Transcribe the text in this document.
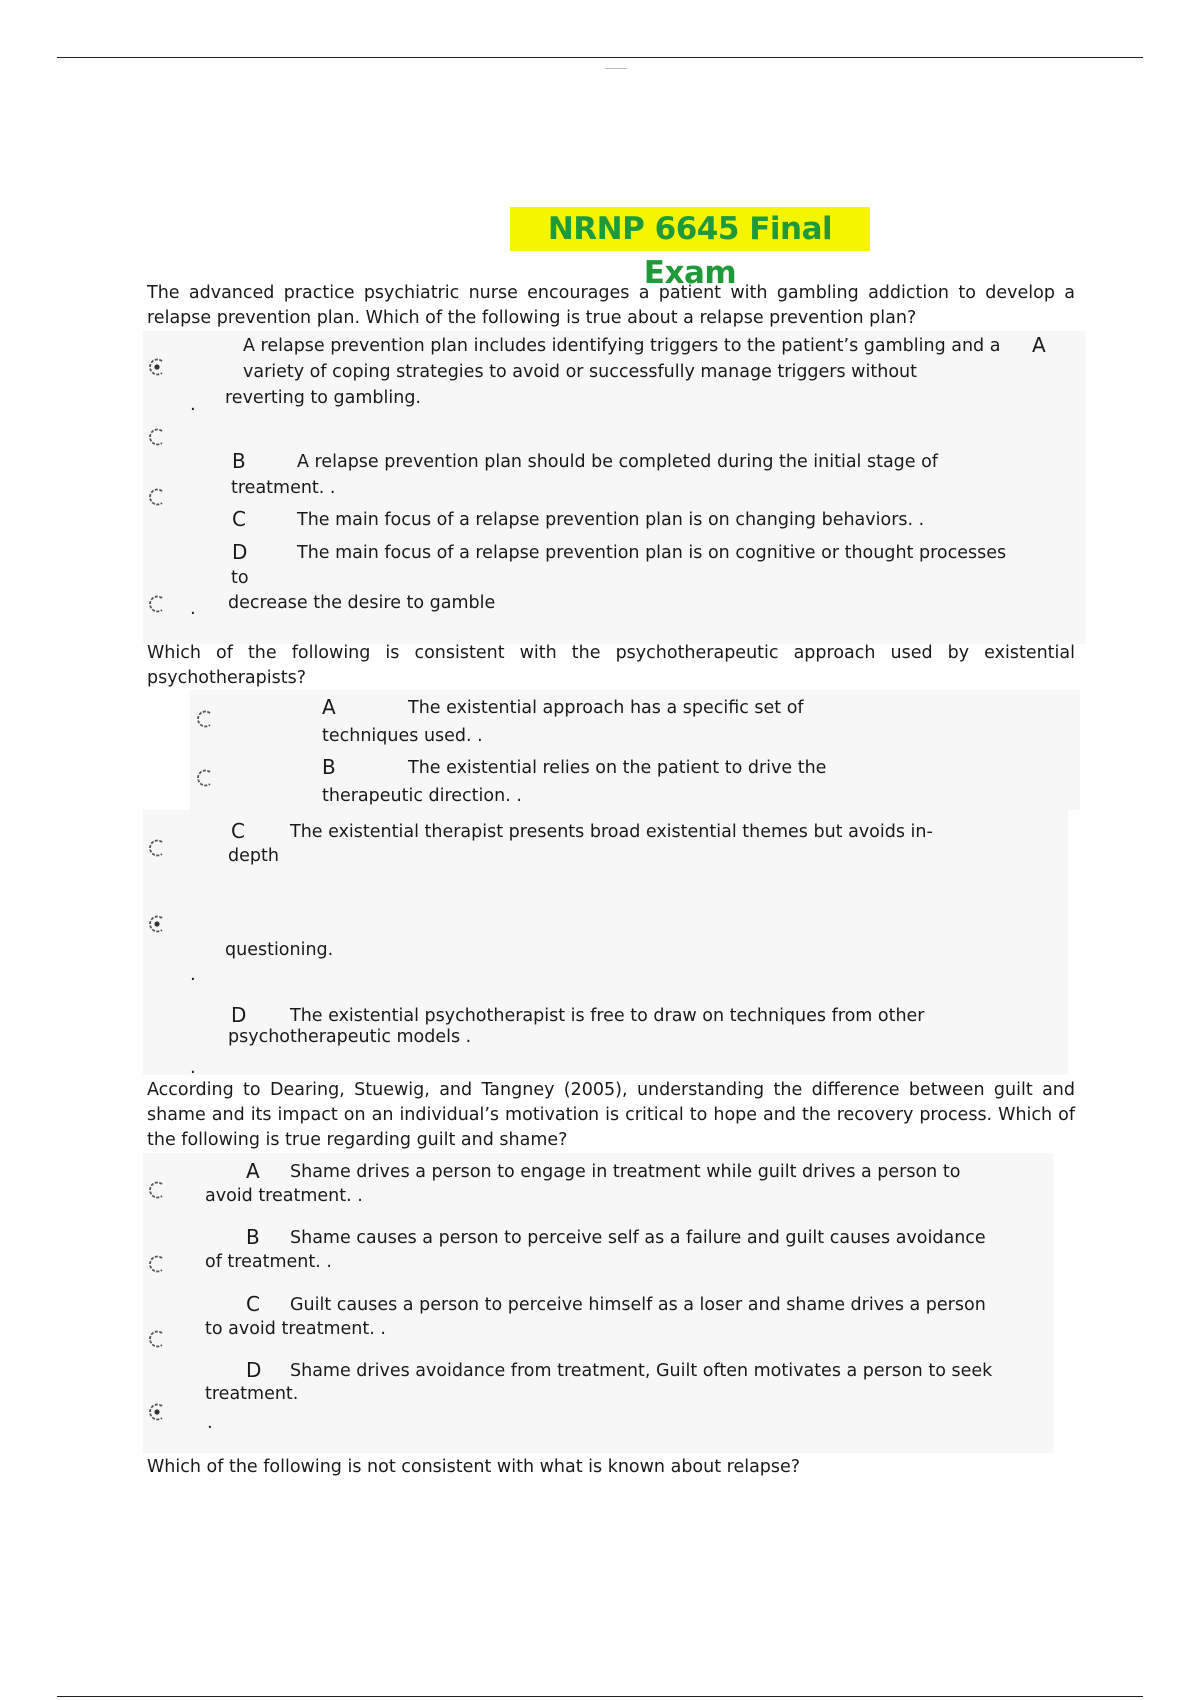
NRNP 6645 Final Exam
The advanced practice psychiatric nurse encourages a patient with gambling addiction to develop a relapse prevention plan. Which of the following is true about a relapse prevention plan?
.
.
A relapse prevention plan includes identifying triggers to the patient’s gambling and a A
variety of coping strategies to avoid or successfully manage triggers without
reverting to gambling.
B	A relapse prevention plan should be completed during the initial stage of
treatment. .
C	The main focus of a relapse prevention plan is on changing behaviors. .
D	The main focus of a relapse prevention plan is on cognitive or thought processes
to
decrease the desire to gamble
Which of the following is consistent with the psychotherapeutic approach used by existential psychotherapists?
.
.
A	The existential approach has a specific set of
techniques used. .
B	The existential relies on the patient to drive the
therapeutic direction. .
C	The existential therapist presents broad existential themes but avoids in-
depth
questioning.
D The existential psychotherapist is free to draw on techniques from other
psychotherapeutic models .
According to Dearing, Stuewig, and Tangney (2005), understanding the difference between guilt and shame and its impact on an individual’s motivation is critical to hope and the recovery process. Which of the following is true regarding guilt and shame?
.
A Shame drives a person to engage in treatment while guilt drives a person to
avoid treatment. .
B Shame causes a person to perceive self as a failure and guilt causes avoidance
of treatment. .
C Guilt causes a person to perceive himself as a loser and shame drives a person
to avoid treatment. .
D Shame drives avoidance from treatment, Guilt often motivates a person to seek
treatment.
Which of the following is not consistent with what is known about relapse?
